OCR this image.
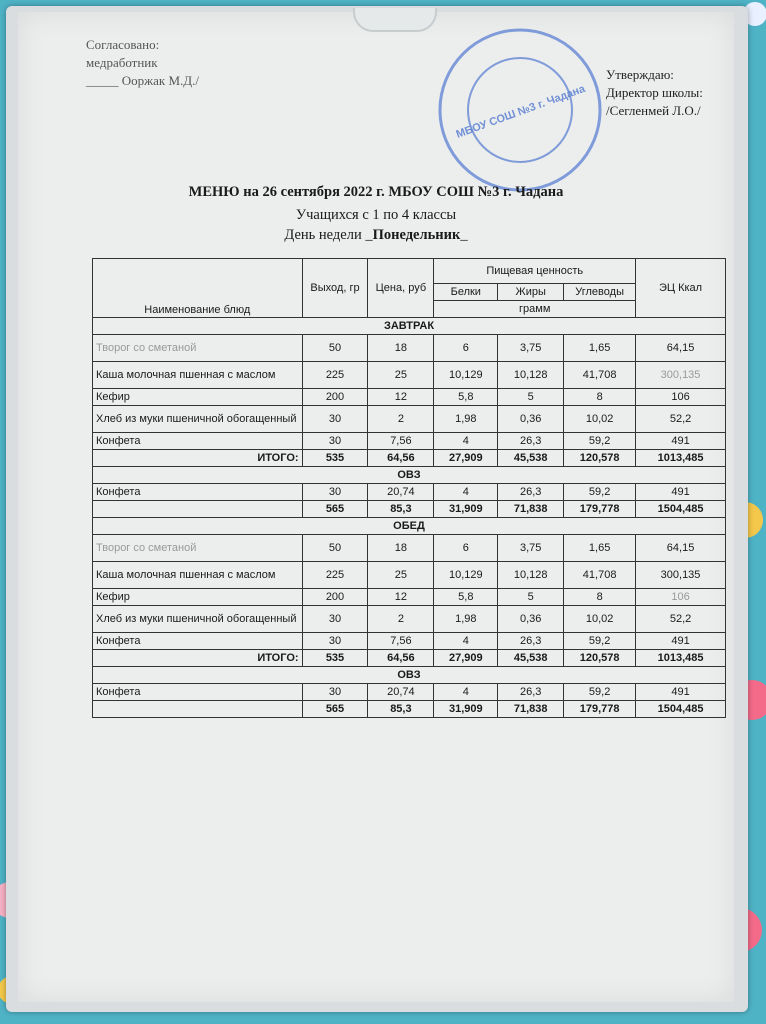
Согласовано:
медработник
_____ Ооржак М.Д./
МБОУ СОШ №3 г. Чадана
Утверждаю:
Директор школы:
/Сегленмей Л.О./
МЕНЮ на 26 сентября 2022 г. МБОУ СОШ №3 г. Чадана
Учащихся с 1 по 4 классы
День недели _Понедельник_
Наименование блюд	Выход, гр	Цена, руб	Пищевая ценность			ЭЦ Ккал
			Белки	Жиры	Углеводы	
			грамм			
ЗАВТРАК						
Творог со сметаной	50	18	6	3,75	1,65	64,15
Каша молочная пшенная с маслом	225	25	10,129	10,128	41,708	300,135
Кефир	200	12	5,8	5	8	106
Хлеб из муки пшеничной обогащенный	30	2	1,98	0,36	10,02	52,2
Конфета	30	7,56	4	26,3	59,2	491
ИТОГО:	535	64,56	27,909	45,538	120,578	1013,485
ОВЗ						
Конфета	30	20,74	4	26,3	59,2	491
	565	85,3	31,909	71,838	179,778	1504,485
ОБЕД						
Творог со сметаной	50	18	6	3,75	1,65	64,15
Каша молочная пшенная с маслом	225	25	10,129	10,128	41,708	300,135
Кефир	200	12	5,8	5	8	106
Хлеб из муки пшеничной обогащенный	30	2	1,98	0,36	10,02	52,2
Конфета	30	7,56	4	26,3	59,2	491
ИТОГО:	535	64,56	27,909	45,538	120,578	1013,485
ОВЗ						
Конфета	30	20,74	4	26,3	59,2	491
	565	85,3	31,909	71,838	179,778	1504,485
